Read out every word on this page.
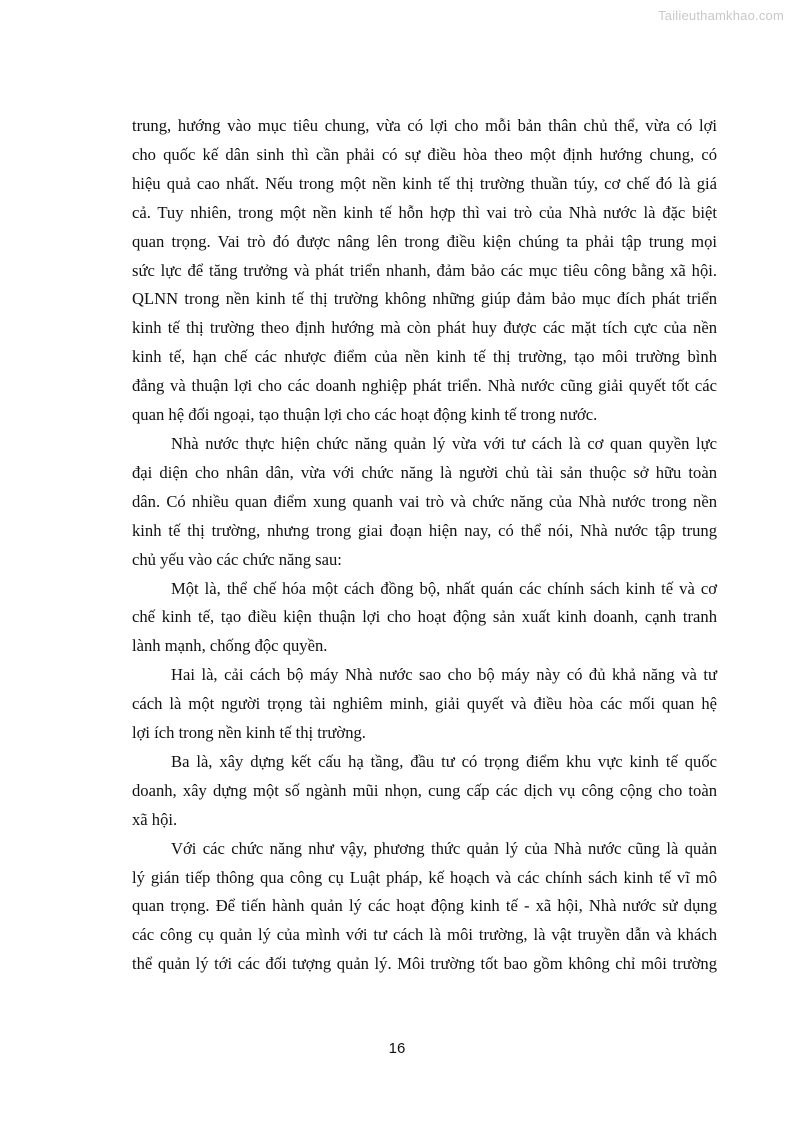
Tailieuthamkhao.com

trung, hướng vào mục tiêu chung, vừa có lợi cho mỗi bản thân chủ thể, vừa có lợi
cho quốc kế dân sinh thì cần phải có sự điều hòa theo một định hướng chung, có
hiệu quả cao nhất. Nếu trong một nền kinh tế thị trường thuần túy, cơ chế đó là giá
cả. Tuy nhiên, trong một nền kinh tế hỗn hợp thì vai trò của Nhà nước là đặc biệt
quan trọng. Vai trò đó được nâng lên trong điều kiện chúng ta phải tập trung mọi
sức lực để tăng trưởng và phát triển nhanh, đảm bảo các mục tiêu công bằng xã hội.
QLNN trong nền kinh tế thị trường không những giúp đảm bảo mục đích phát triển
kinh tế thị trường theo định hướng mà còn phát huy được các mặt tích cực của nền
kinh tế, hạn chế các nhược điểm của nền kinh tế thị trường, tạo môi trường bình
đẳng và thuận lợi cho các doanh nghiệp phát triển. Nhà nước cũng giải quyết tốt các
quan hệ đối ngoại, tạo thuận lợi cho các hoạt động kinh tế trong nước.

Nhà nước thực hiện chức năng quản lý vừa với tư cách là cơ quan quyền lực
đại diện cho nhân dân, vừa với chức năng là người chủ tài sản thuộc sở hữu toàn
dân. Có nhiều quan điểm xung quanh vai trò và chức năng của Nhà nước trong nền
kinh tế thị trường, nhưng trong giai đoạn hiện nay, có thể nói, Nhà nước tập trung
chủ yếu vào các chức năng sau:

Một là, thể chế hóa một cách đồng bộ, nhất quán các chính sách kinh tế và cơ
chế kinh tế, tạo điều kiện thuận lợi cho hoạt động sản xuất kinh doanh, cạnh tranh
lành mạnh, chống độc quyền.

Hai là, cải cách bộ máy Nhà nước sao cho bộ máy này có đủ khả năng và tư
cách là một người trọng tài nghiêm minh, giải quyết và điều hòa các mối quan hệ
lợi ích trong nền kinh tế thị trường.

Ba là, xây dựng kết cấu hạ tầng, đầu tư có trọng điểm khu vực kinh tế quốc
doanh, xây dựng một số ngành mũi nhọn, cung cấp các dịch vụ công cộng cho toàn
xã hội.

Với các chức năng như vậy, phương thức quản lý của Nhà nước cũng là quản
lý gián tiếp thông qua công cụ Luật pháp, kế hoạch và các chính sách kinh tế vĩ mô
quan trọng. Để tiến hành quản lý các hoạt động kinh tế - xã hội, Nhà nước sử dụng
các công cụ quản lý của mình với tư cách là môi trường, là vật truyền dẫn và khách
thể quản lý tới các đối tượng quản lý. Môi trường tốt bao gồm không chỉ môi trường

16
